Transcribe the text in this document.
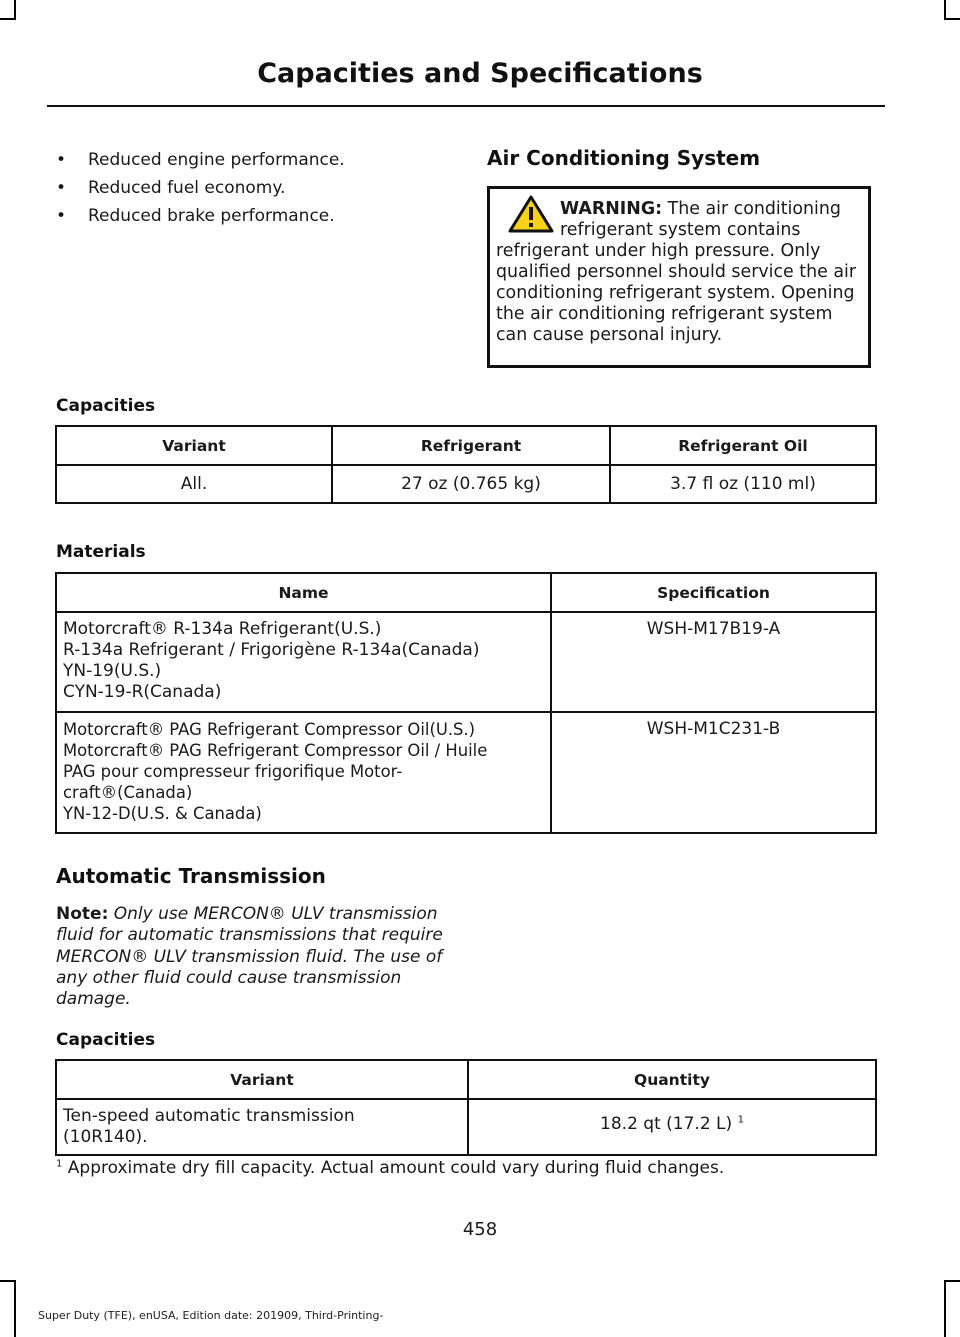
Capacities and Specifications
• Reduced engine performance.
• Reduced fuel economy.
• Reduced brake performance.
Air Conditioning System
WARNING: The air conditioning refrigerant system contains refrigerant under high pressure. Only qualified personnel should service the air conditioning refrigerant system. Opening the air conditioning refrigerant system can cause personal injury.
Capacities
Variant	Refrigerant	Refrigerant Oil
All.	27 oz (0.765 kg)	3.7 fl oz (110 ml)
Materials
Name	Specification

Motorcraft® R-134a Refrigerant(U.S.)
R-134a Refrigerant / Frigorigène R-134a(Canada)
YN-19(U.S.)
CYN-19-R(Canada)	WSH-M17B19-A

Motorcraft® PAG Refrigerant Compressor Oil(U.S.)
Motorcraft® PAG Refrigerant Compressor Oil / Huile
PAG pour compresseur frigorifique Motor-
craft®(Canada)
YN-12-D(U.S. & Canada)	WSH-M1C231-B
Automatic Transmission
Note: Only use MERCON® ULV transmission fluid for automatic transmissions that require MERCON® ULV transmission fluid. The use of any other fluid could cause transmission damage.
Capacities
Variant	Quantity

Ten-speed automatic transmission
(10R140).	18.2 qt (17.2 L) $^1$
$^1$ Approximate dry fill capacity. Actual amount could vary during fluid changes.
458
Super Duty (TFE), enUSA, Edition date: 201909, Third-Printing-
